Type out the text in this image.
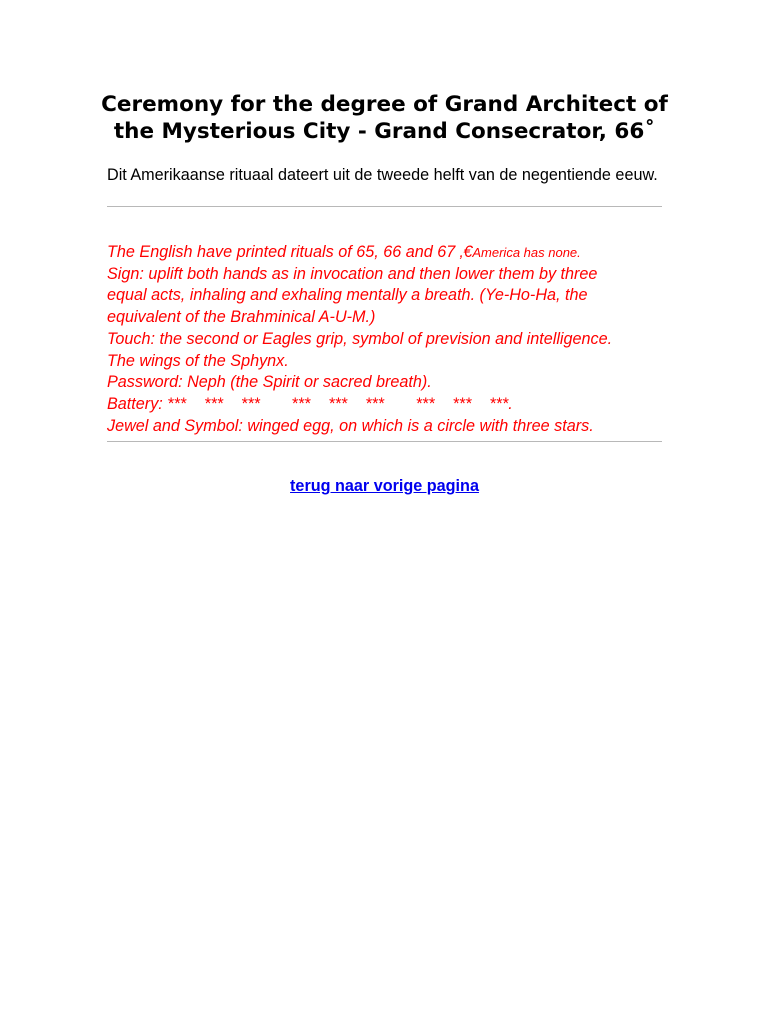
Ceremony for the degree of Grand Architect of the Mysterious City - Grand Consecrator, 66˚

Dit Amerikaanse rituaal dateert uit de tweede helft van de negentiende eeuw.

The English have printed rituals of 65, 66 and 67 ‚€America has none.
Sign: uplift both hands as in invocation and then lower them by three
equal acts, inhaling and exhaling mentally a breath. (Ye-Ho-Ha, the
equivalent of the Brahminical A-U-M.)
Touch: the second or Eagles grip, symbol of prevision and intelligence.
The wings of the Sphynx.
Password: Neph (the Spirit or sacred breath).
Battery: ***    ***    ***       ***    ***    ***       ***    ***    ***.
Jewel and Symbol: winged egg, on which is a circle with three stars.

terug naar vorige pagina
